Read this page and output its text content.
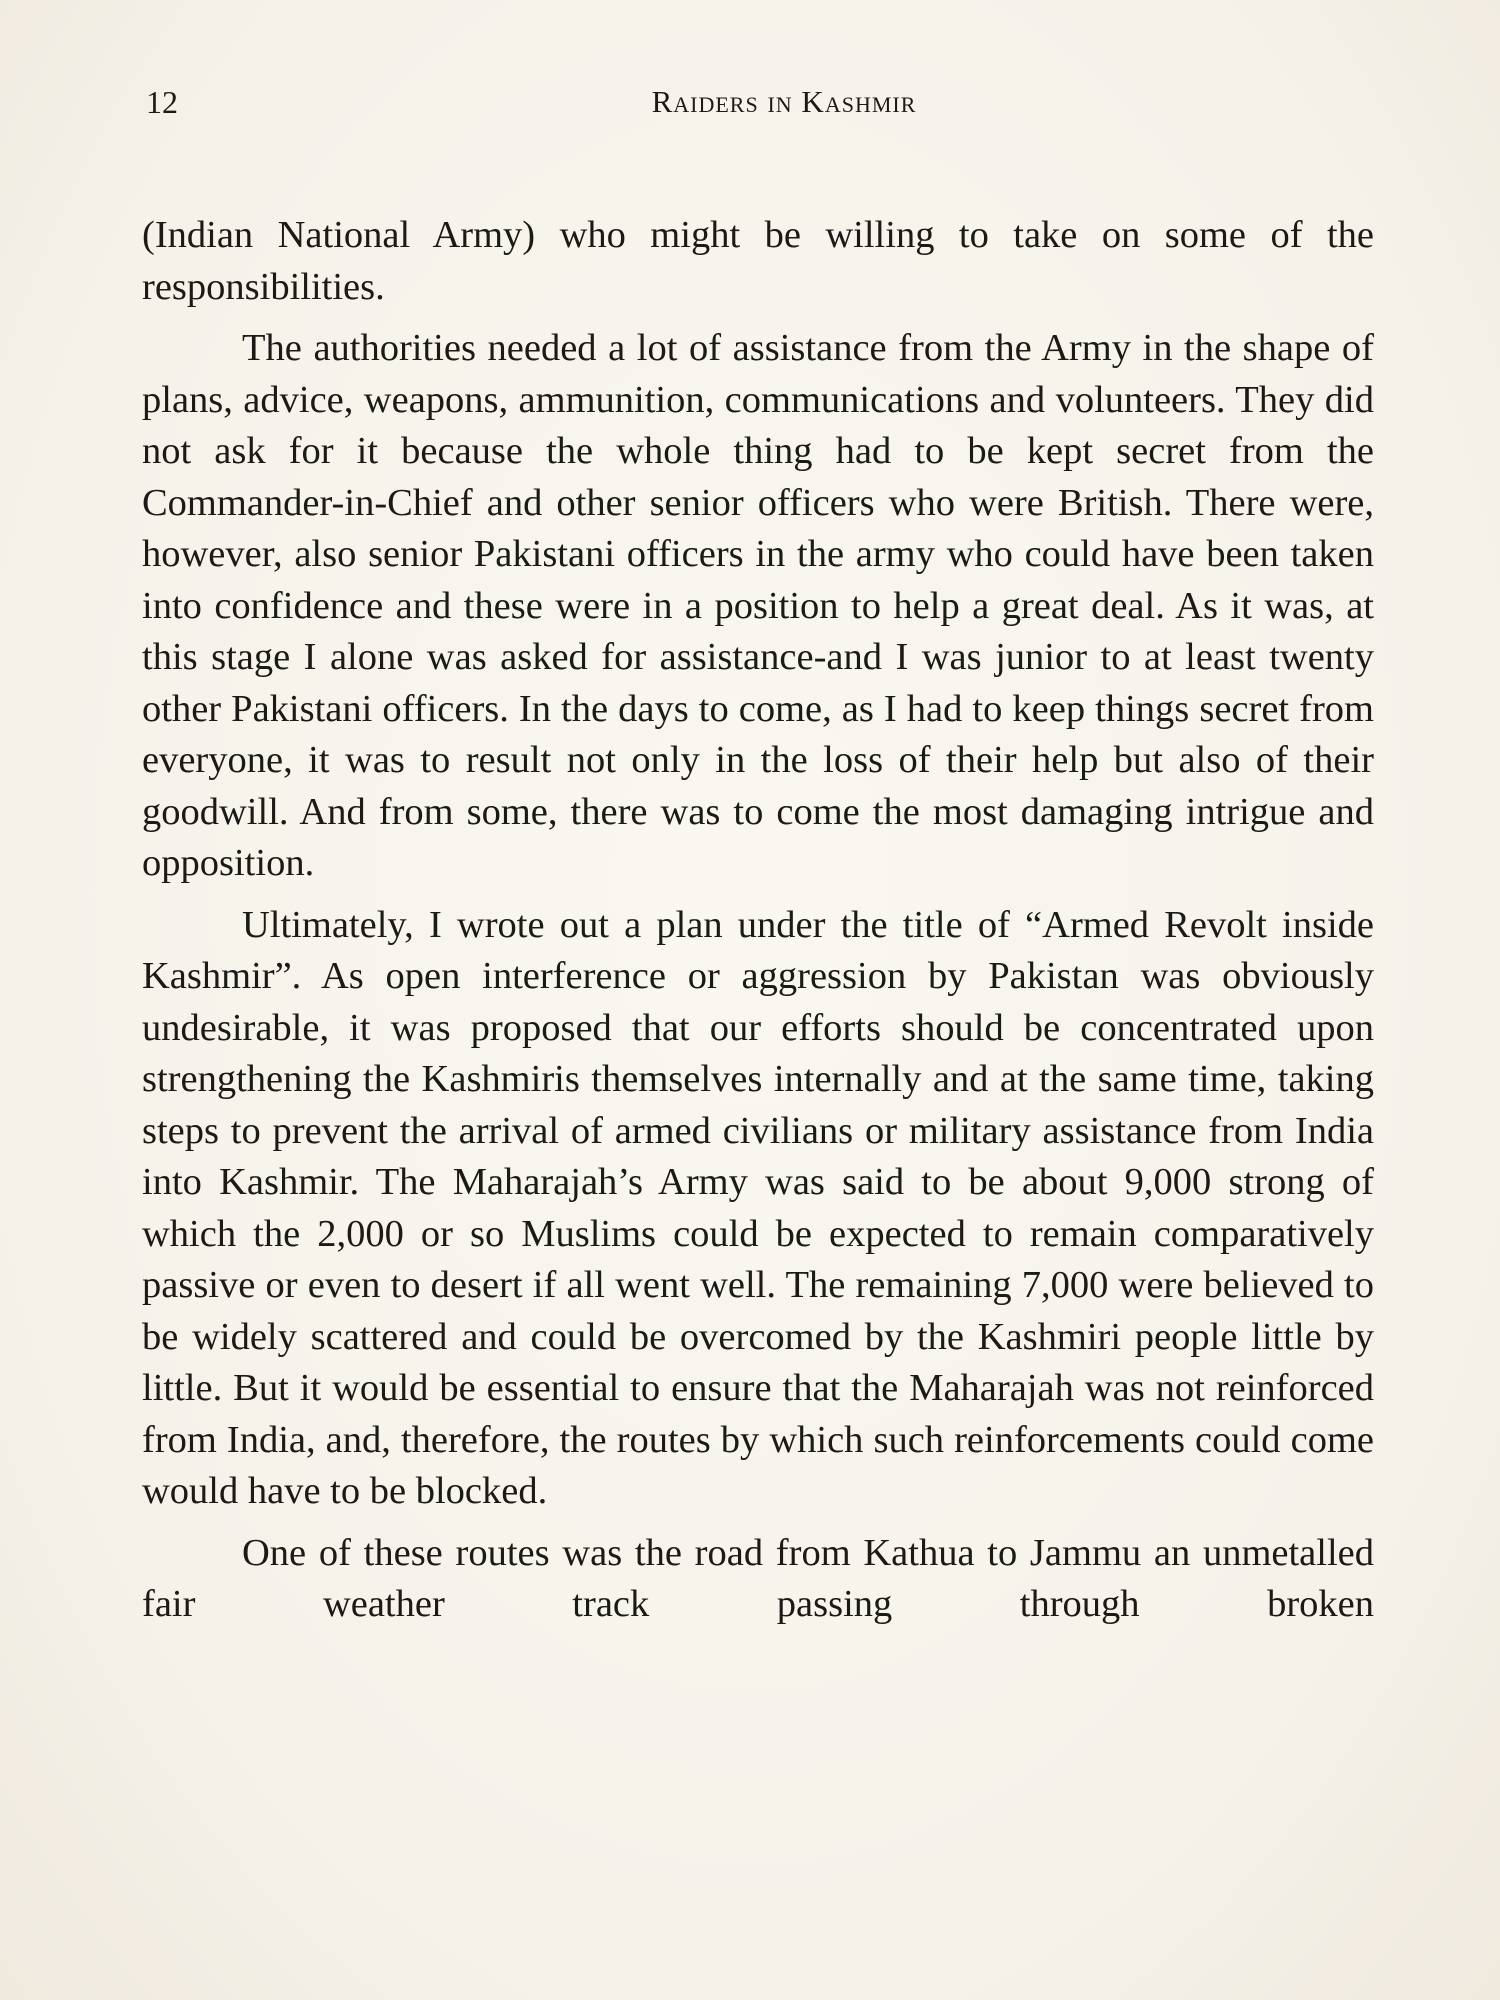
12	Raiders in Kashmir

(Indian National Army) who might be willing to take on some of the responsibilities.

The authorities needed a lot of assistance from the Army in the shape of plans, advice, weapons, ammunition, communications and volunteers. They did not ask for it because the whole thing had to be kept secret from the Commander-in-Chief and other senior officers who were British. There were, however, also senior Pakistani officers in the army who could have been taken into confidence and these were in a position to help a great deal. As it was, at this stage I alone was asked for assistance-and I was junior to at least twenty other Pakistani officers. In the days to come, as I had to keep things secret from everyone, it was to result not only in the loss of their help but also of their goodwill. And from some, there was to come the most damaging intrigue and opposition.

Ultimately, I wrote out a plan under the title of “Armed Revolt inside Kashmir”. As open interference or aggression by Pakistan was obviously undesirable, it was proposed that our efforts should be concentrated upon strengthening the Kashmiris themselves internally and at the same time, taking steps to prevent the arrival of armed civilians or military assistance from India into Kashmir. The Maharajah’s Army was said to be about 9,000 strong of which the 2,000 or so Muslims could be expected to remain comparatively passive or even to desert if all went well. The remaining 7,000 were believed to be widely scattered and could be overcomed by the Kashmiri people little by little. But it would be essential to ensure that the Maharajah was not reinforced from India, and, therefore, the routes by which such reinforcements could come would have to be blocked.

One of these routes was the road from Kathua to Jammu an unmetalled fair weather track passing through broken
